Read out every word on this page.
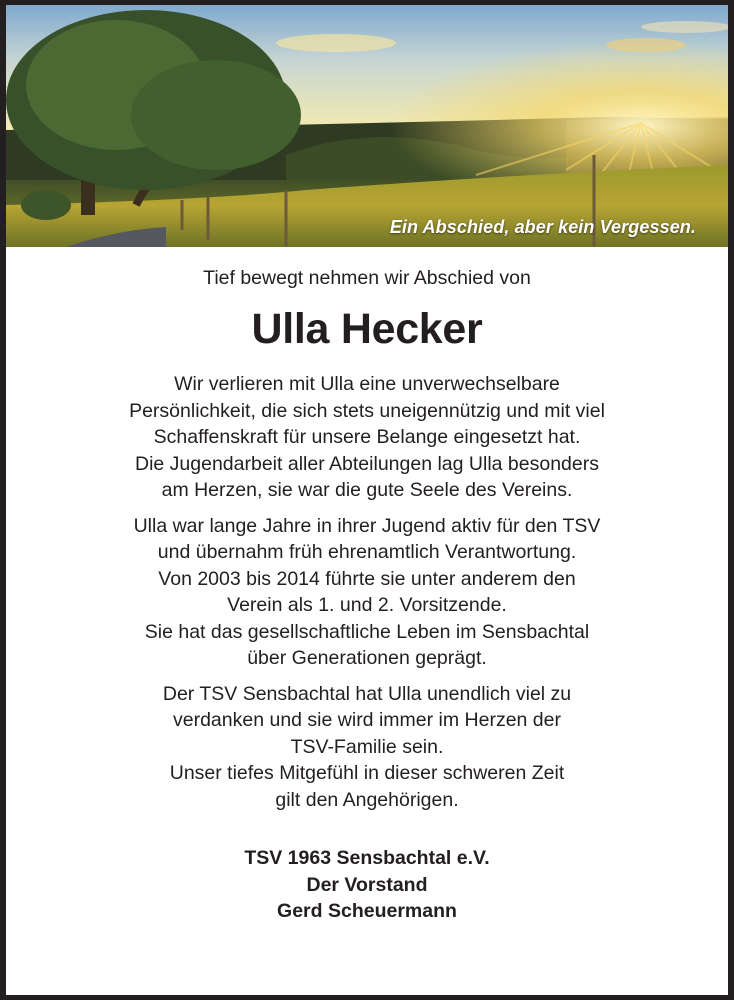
Ein Abschied, aber kein Vergessen.
Tief bewegt nehmen wir Abschied von
Ulla Hecker
Wir verlieren mit Ulla eine unverwechselbare
Persönlichkeit, die sich stets uneigennützig und mit viel
Schaffenskraft für unsere Belange eingesetzt hat.
Die Jugendarbeit aller Abteilungen lag Ulla besonders
am Herzen, sie war die gute Seele des Vereins.
Ulla war lange Jahre in ihrer Jugend aktiv für den TSV
und übernahm früh ehrenamtlich Verantwortung.
Von 2003 bis 2014 führte sie unter anderem den
Verein als 1. und 2. Vorsitzende.
Sie hat das gesellschaftliche Leben im Sensbachtal
über Generationen geprägt.
Der TSV Sensbachtal hat Ulla unendlich viel zu
verdanken und sie wird immer im Herzen der
TSV-Familie sein.
Unser tiefes Mitgefühl in dieser schweren Zeit
gilt den Angehörigen.
TSV 1963 Sensbachtal e.V.
Der Vorstand
Gerd Scheuermann
